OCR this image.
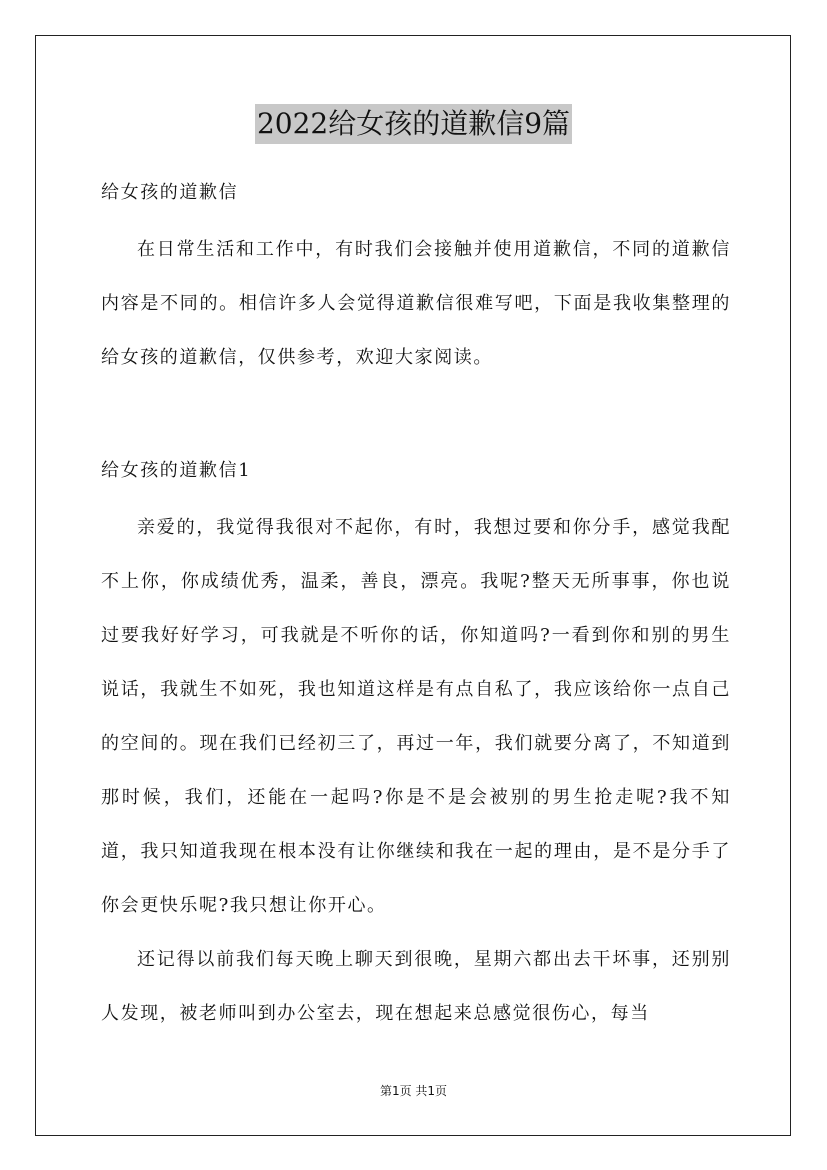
2022给女孩的道歉信9篇

给女孩的道歉信

在日常生活和工作中，有时我们会接触并使用道歉信，不同的道歉信内容是不同的。相信许多人会觉得道歉信很难写吧，下面是我收集整理的给女孩的道歉信，仅供参考，欢迎大家阅读。

给女孩的道歉信1

亲爱的，我觉得我很对不起你，有时，我想过要和你分手，感觉我配不上你，你成绩优秀，温柔，善良，漂亮。我呢?整天无所事事，你也说过要我好好学习，可我就是不听你的话，你知道吗?一看到你和别的男生说话，我就生不如死，我也知道这样是有点自私了，我应该给你一点自己的空间的。现在我们已经初三了，再过一年，我们就要分离了，不知道到那时候，我们，还能在一起吗?你是不是会被别的男生抢走呢?我不知道，我只知道我现在根本没有让你继续和我在一起的理由，是不是分手了你会更快乐呢?我只想让你开心。

还记得以前我们每天晚上聊天到很晚，星期六都出去干坏事，还别别人发现，被老师叫到办公室去，现在想起来总感觉很伤心，每当

第1页 共1页
